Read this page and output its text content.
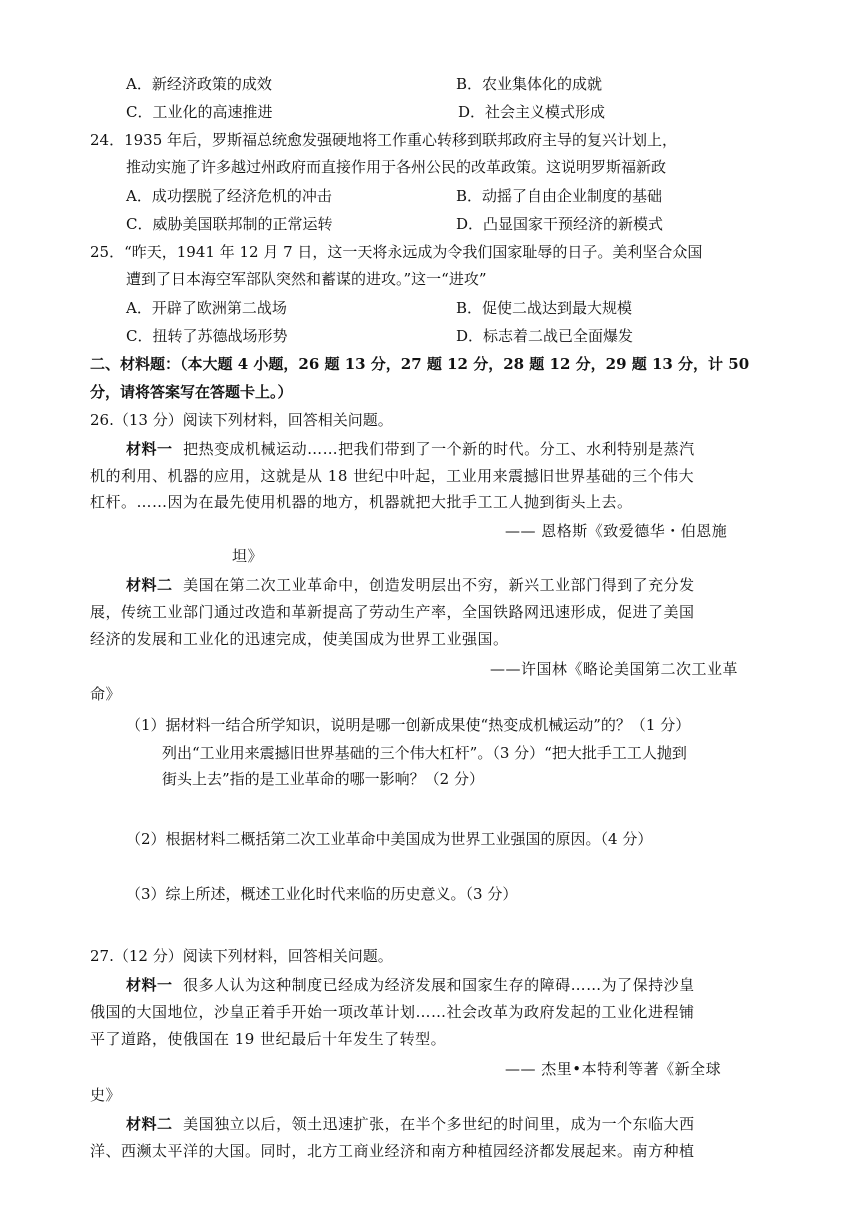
A．新经济政策的成效	B．农业集体化的成就
C．工业化的高速推进	D．社会主义模式形成
24．1935 年后，罗斯福总统愈发强硬地将工作重心转移到联邦政府主导的复兴计划上，
推动实施了许多越过州政府而直接作用于各州公民的改革政策。这说明罗斯福新政
A．成功摆脱了经济危机的冲击	B．动摇了自由企业制度的基础
C．威胁美国联邦制的正常运转	D．凸显国家干预经济的新模式
25．“昨天，1941 年 12 月 7 日，这一天将永远成为令我们国家耻辱的日子。美利坚合众国
遭到了日本海空军部队突然和蓄谋的进攻。”这一“进攻”
A．开辟了欧洲第二战场	B．促使二战达到最大规模
C．扭转了苏德战场形势	D．标志着二战已全面爆发
二、材料题：（本大题 4 小题，26 题 13 分，27 题 12 分，28 题 12 分，29 题 13 分，计 50
分，请将答案写在答题卡上。）
26.（13 分）阅读下列材料，回答相关问题。
材料一 把热变成机械运动……把我们带到了一个新的时代。分工、水利特别是蒸汽
机的利用、机器的应用，这就是从 18 世纪中叶起，工业用来震撼旧世界基础的三个伟大
杠杆。……因为在最先使用机器的地方，机器就把大批手工工人抛到街头上去。
—— 恩格斯《致爱德华・伯恩施
坦》
材料二 美国在第二次工业革命中，创造发明层出不穷，新兴工业部门得到了充分发
展，传统工业部门通过改造和革新提高了劳动生产率，全国铁路网迅速形成，促进了美国
经济的发展和工业化的迅速完成，使美国成为世界工业强国。
——许国林《略论美国第二次工业革
命》
（1）据材料一结合所学知识，说明是哪一创新成果使“热变成机械运动”的？（1 分）
列出“工业用来震撼旧世界基础的三个伟大杠杆”。（3 分）“把大批手工工人抛到
街头上去”指的是工业革命的哪一影响？（2 分）
（2）根据材料二概括第二次工业革命中美国成为世界工业强国的原因。（4 分）
（3）综上所述，概述工业化时代来临的历史意义。（3 分）
27.（12 分）阅读下列材料，回答相关问题。
材料一 很多人认为这种制度已经成为经济发展和国家生存的障碍……为了保持沙皇
俄国的大国地位，沙皇正着手开始一项改革计划……社会改革为政府发起的工业化进程铺
平了道路，使俄国在 19 世纪最后十年发生了转型。
—— 杰里•本特利等著《新全球
史》
材料二 美国独立以后，领土迅速扩张，在半个多世纪的时间里，成为一个东临大西
洋、西濒太平洋的大国。同时，北方工商业经济和南方种植园经济都发展起来。南方种植
